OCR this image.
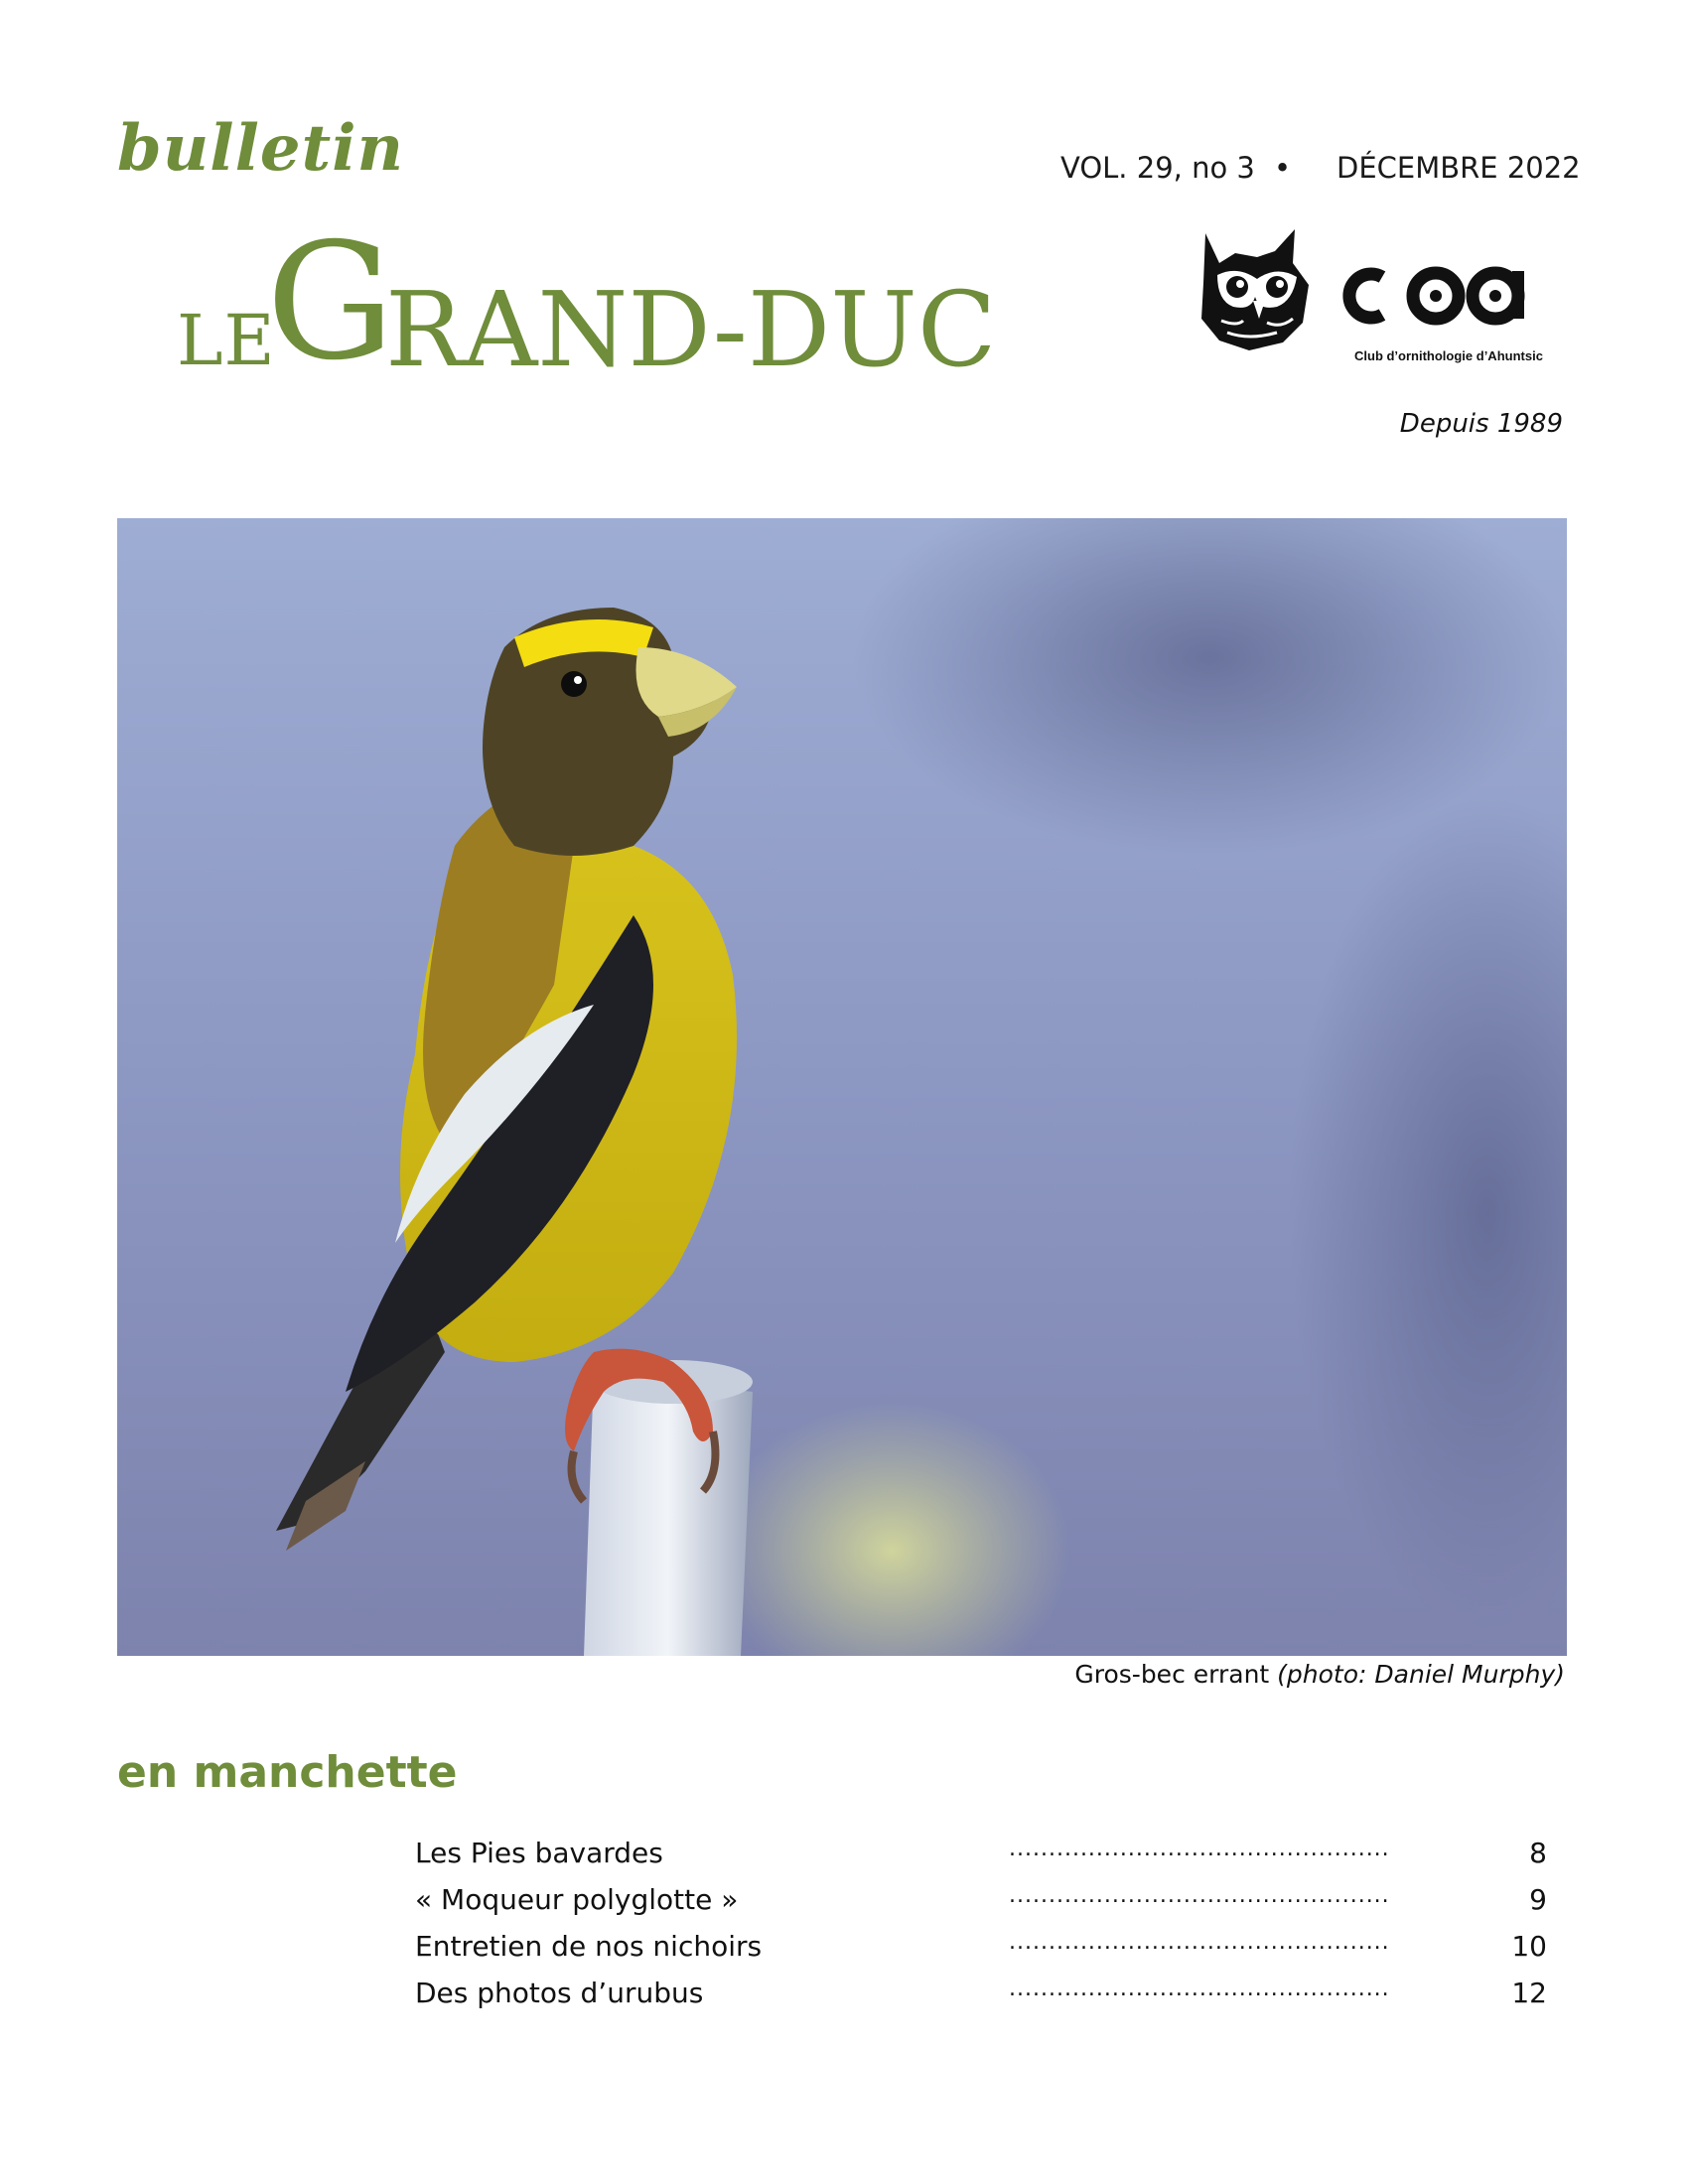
bulletin	VOL. 29, no 3 • DÉCEMBRE 2022
LE
G
RAND-DUC	Club d’ornithologie d’Ahuntsic
Depuis 1989
Gros-bec errant (photo: Daniel Murphy)
en manchette
Les Pies bavardes	................................................	8
« Moqueur polyglotte »	................................................	9
Entretien de nos nichoirs	................................................	10
Des photos d’urubus	................................................	12
